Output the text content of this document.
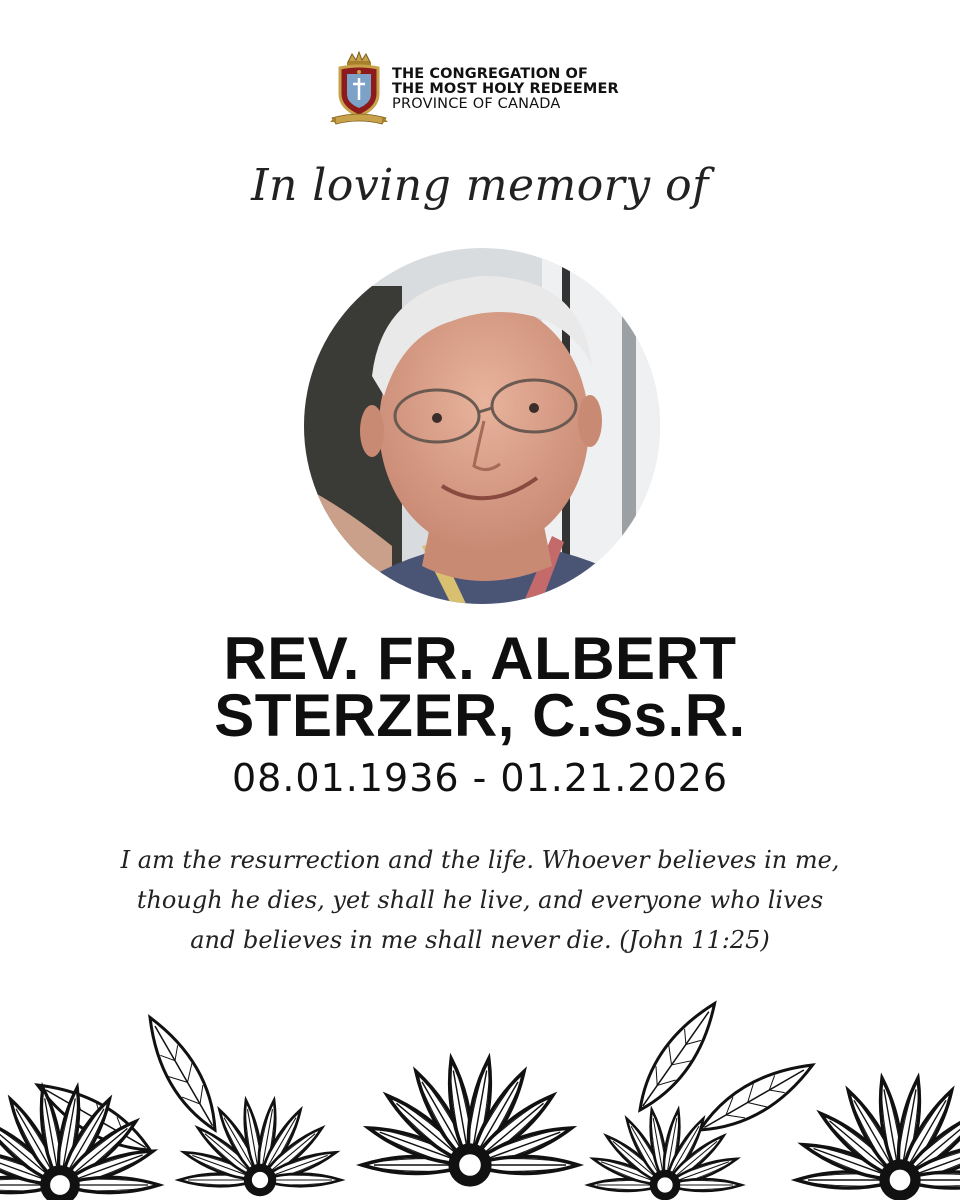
THE CONGREGATION OF
THE MOST HOLY REDEEMER
PROVINCE OF CANADA
In loving memory of
REV. FR. ALBERT
STERZER, C.Ss.R.
08.01.1936 - 01.21.2026
I am the resurrection and the life. Whoever believes in me,
though he dies, yet shall he live, and everyone who lives
and believes in me shall never die. (John 11:25)
